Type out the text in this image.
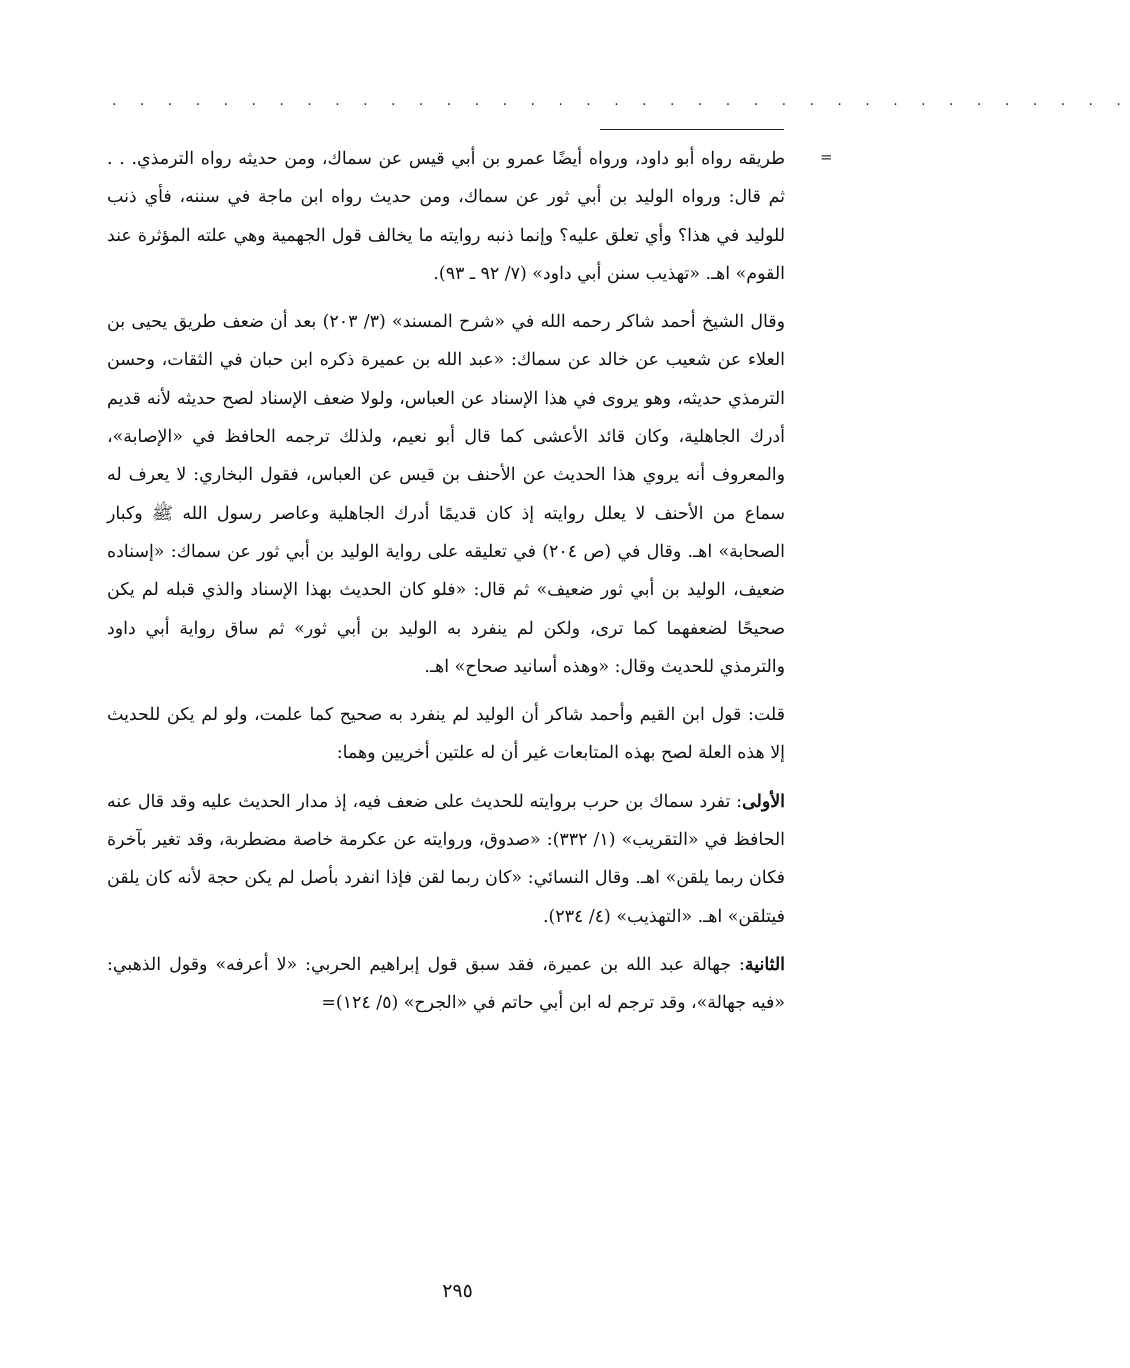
. . . . . . . . . . . . . . . . . . . . . . . . . . . . . . . . . . . . .
=

طريقه رواه أبو داود، ورواه أيضًا عمرو بن أبي قيس عن سماك، ومن حديثه رواه الترمذي. . . ثم قال: ورواه الوليد بن أبي ثور عن سماك، ومن حديث رواه ابن ماجة في سننه، فأي ذنب للوليد في هذا؟ وأي تعلق عليه؟ وإنما ذنبه روايته ما يخالف قول الجهمية وهي علته المؤثرة عند القوم» اهـ. «تهذيب سنن أبي داود» (٧/ ٩٢ ـ ٩٣).

وقال الشيخ أحمد شاكر رحمه الله في «شرح المسند» (٣/ ٢٠٣) بعد أن ضعف طريق يحيى بن العلاء عن شعيب عن خالد عن سماك: «عبد الله بن عميرة ذكره ابن حبان في الثقات، وحسن الترمذي حديثه، وهو يروى في هذا الإسناد عن العباس، ولولا ضعف الإسناد لصح حديثه لأنه قديم أدرك الجاهلية، وكان قائد الأعشى كما قال أبو نعيم، ولذلك ترجمه الحافظ في «الإصابة»، والمعروف أنه يروي هذا الحديث عن الأحنف بن قيس عن العباس، فقول البخاري: لا يعرف له سماع من الأحنف لا يعلل روايته إذ كان قديمًا أدرك الجاهلية وعاصر رسول الله ﷺ وكبار الصحابة» اهـ. وقال في (ص ٢٠٤) في تعليقه على رواية الوليد بن أبي ثور عن سماك: «إسناده ضعيف، الوليد بن أبي ثور ضعيف» ثم قال: «فلو كان الحديث بهذا الإسناد والذي قبله لم يكن صحيحًا لضعفهما كما ترى، ولكن لم ينفرد به الوليد بن أبي ثور» ثم ساق رواية أبي داود والترمذي للحديث وقال: «وهذه أسانيد صحاح» اهـ.

قلت: قول ابن القيم وأحمد شاكر أن الوليد لم ينفرد به صحيح كما علمت، ولو لم يكن للحديث إلا هذه العلة لصح بهذه المتابعات غير أن له علتين أخريين وهما:

الأولى: تفرد سماك بن حرب بروايته للحديث على ضعف فيه، إذ مدار الحديث عليه وقد قال عنه الحافظ في «التقريب» (١/ ٣٣٢): «صدوق، وروايته عن عكرمة خاصة مضطربة، وقد تغير بآخرة فكان ربما يلقن» اهـ. وقال النسائي: «كان ربما لقن فإذا انفرد بأصل لم يكن حجة لأنه كان يلقن فيتلقن» اهـ. «التهذيب» (٤/ ٢٣٤).

الثانية: جهالة عبد الله بن عميرة، فقد سبق قول إبراهيم الحربي: «لا أعرفه» وقول الذهبي: «فيه جهالة»، وقد ترجم له ابن أبي حاتم في «الجرح» (٥/ ١٢٤)=

٢٩٥
